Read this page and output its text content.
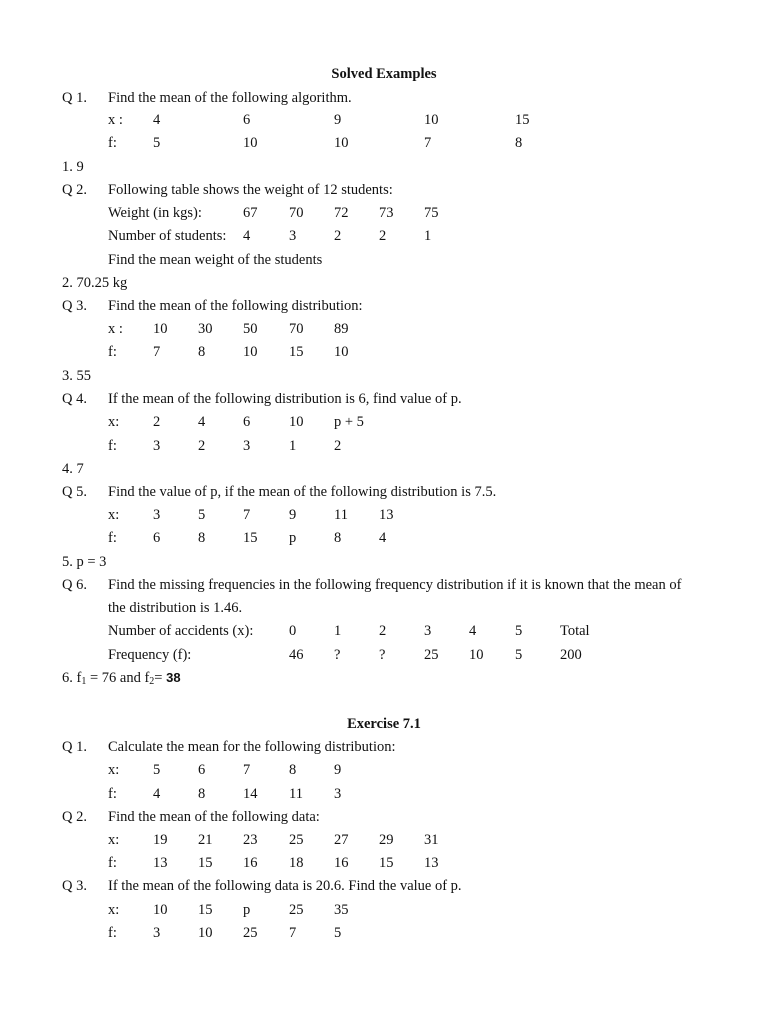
Solved Examples
Q 1. Find the mean of the following algorithm.
x : 4	6	9	10	15
f: 5	10	10	7	8
1. 9
Q 2. Following table shows the weight of 12 students:
Weight (in kgs):	67 70 72 73 75
Number of students: 4	3	2	2	1
Find the mean weight of the students
2. 70.25 kg
Q 3. Find the mean of the following distribution:
x : 10 30 50 70 89
f: 7	8	10 15 10
3. 55
Q 4. If the mean of the following distribution is 6, find value of p.
x: 2	4	6	10 p + 5
f: 3	2	3	1	2
4. 7
Q 5. Find the value of p, if the mean of the following distribution is 7.5.
x: 3	5	7	9	11 13
f: 6	8	15 p	8	4
5. p = 3
Q 6. Find the missing frequencies in the following frequency distribution if it is known that the mean of
the distribution is 1.46.
Number of accidents (x): 0	1	2	3	4	5	Total
Frequency (f):	46 ?	?	25 10 5	200
6. $f_1 = 76$ and $f_2= 38$
Exercise 7.1
Q 1. Calculate the mean for the following distribution:
x: 5	6	7	8	9
f: 4	8	14 11 3
Q 2. Find the mean of the following data:
x: 19 21 23 25 27 29 31
f: 13 15 16 18 16 15 13
Q 3. If the mean of the following data is 20.6. Find the value of p.
x: 10 15 p	25 35
f: 3	10 25 7	5
